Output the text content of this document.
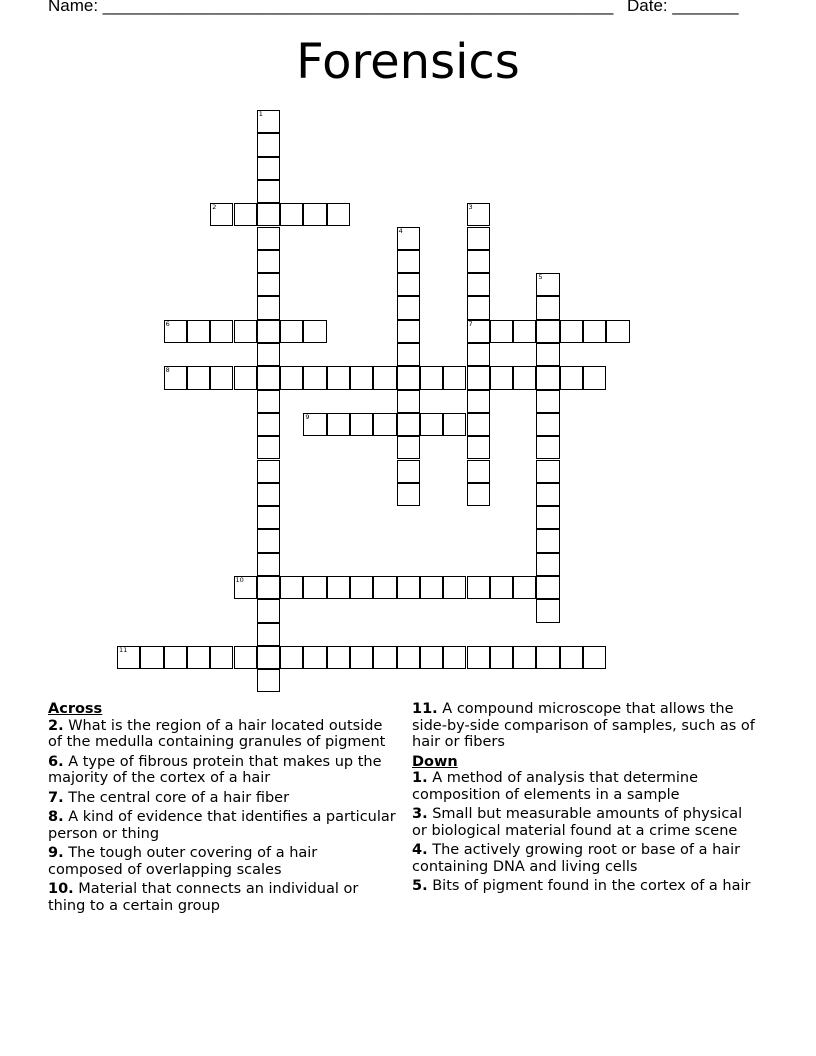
Name: ______________________________________________________ Date: _______
Forensics
1
2	3
7
4
5
6
8
9
10
11
Across
2. What is the region of a hair located outside of the medulla containing granules of pigment
6. A type of fibrous protein that makes up the majority of the cortex of a hair
7. The central core of a hair fiber
8. A kind of evidence that identifies a particular person or thing
9. The tough outer covering of a hair composed of overlapping scales
10. Material that connects an individual or thing to a certain group
11. A compound microscope that allows the side-by-side comparison of samples, such as of hair or fibers
Down
1. A method of analysis that determine composition of elements in a sample
3. Small but measurable amounts of physical or biological material found at a crime scene
4. The actively growing root or base of a hair containing DNA and living cells
5. Bits of pigment found in the cortex of a hair
